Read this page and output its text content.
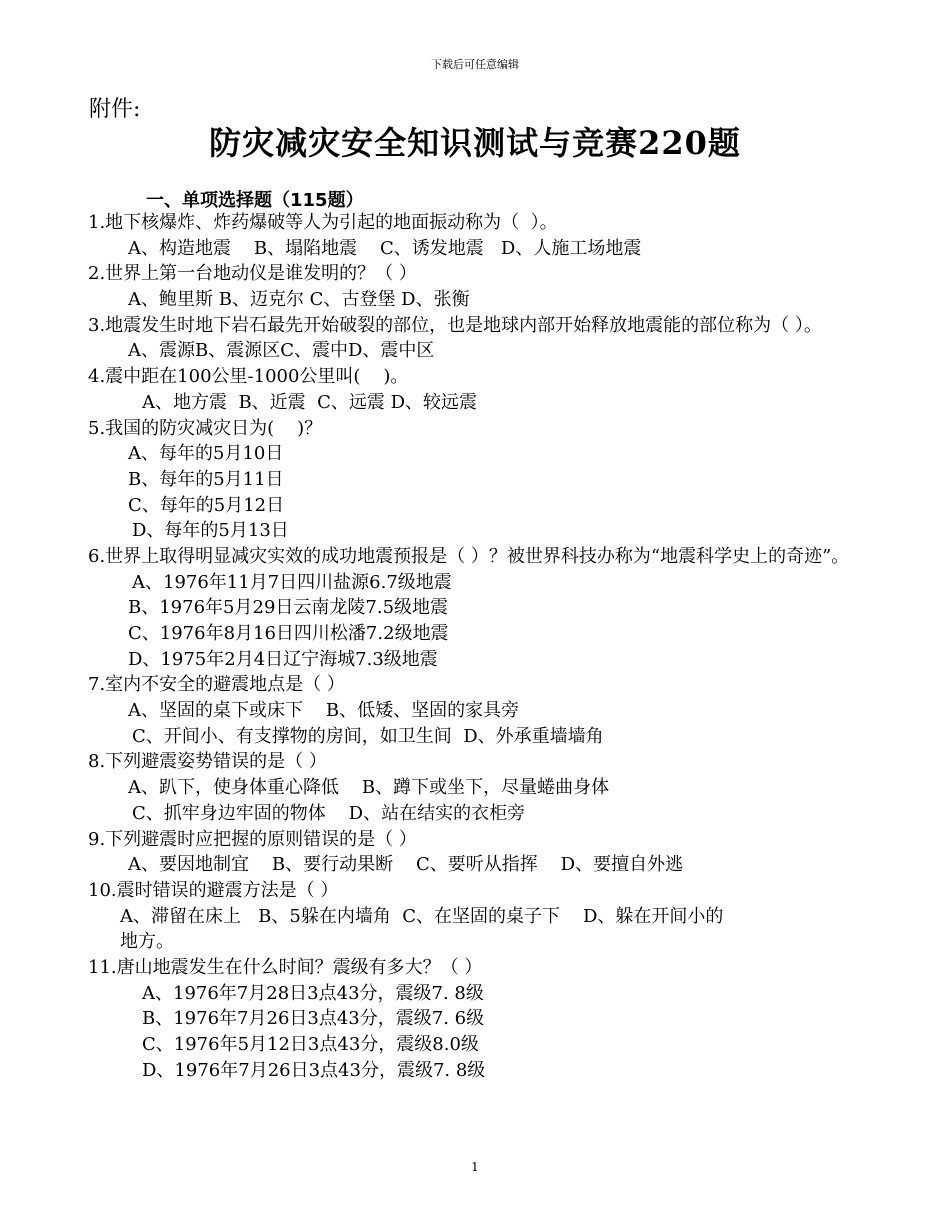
下载后可任意编辑
附件:
防灾减灾安全知识测试与竞赛220题
一、单项选择题（115题）
1.地下核爆炸、炸药爆破等人为引起的地面振动称为（  ）。
A、构造地震    B、塌陷地震    C、诱发地震   D、人施工场地震
2.世界上第一台地动仪是谁发明的？（ ）
A、鲍里斯 B、迈克尔 C、古登堡 D、张衡
3.地震发生时地下岩石最先开始破裂的部位，也是地球内部开始释放地震能的部位称为（ ）。
A、震源B、震源区C、震中D、震中区
4.震中距在100公里-1000公里叫(    )。
A、地方震  B、近震  C、远震 D、较远震
5.我国的防灾减灾日为(    )？
A、每年的5月10日
B、每年的5月11日
C、每年的5月12日
D、每年的5月13日
6.世界上取得明显减灾实效的成功地震预报是（ ）？被世界科技办称为“地震科学史上的奇迹”。
A、1976年11月7日四川盐源6.7级地震
B、1976年5月29日云南龙陵7.5级地震
C、1976年8月16日四川松潘7.2级地震
D、1975年2月4日辽宁海城7.3级地震
7.室内不安全的避震地点是（ ）
A、坚固的桌下或床下    B、低矮、坚固的家具旁
C、开间小、有支撑物的房间，如卫生间  D、外承重墙墙角
8.下列避震姿势错误的是（ ）
A、趴下，使身体重心降低    B、蹲下或坐下，尽量蜷曲身体
C、抓牢身边牢固的物体    D、站在结实的衣柜旁
9.下列避震时应把握的原则错误的是（ ）
A、要因地制宜    B、要行动果断    C、要听从指挥    D、要擅自外逃
10.震时错误的避震方法是（ ）
A、滞留在床上   B、5躲在内墙角  C、在坚固的桌子下    D、躲在开间小的
地方。
11.唐山地震发生在什么时间？震级有多大？（ ）
A、1976年7月28日3点43分，震级7. 8级
B、1976年7月26日3点43分，震级7. 6级
C、1976年5月12日3点43分，震级8.0级
D、1976年7月26日3点43分，震级7. 8级
1
